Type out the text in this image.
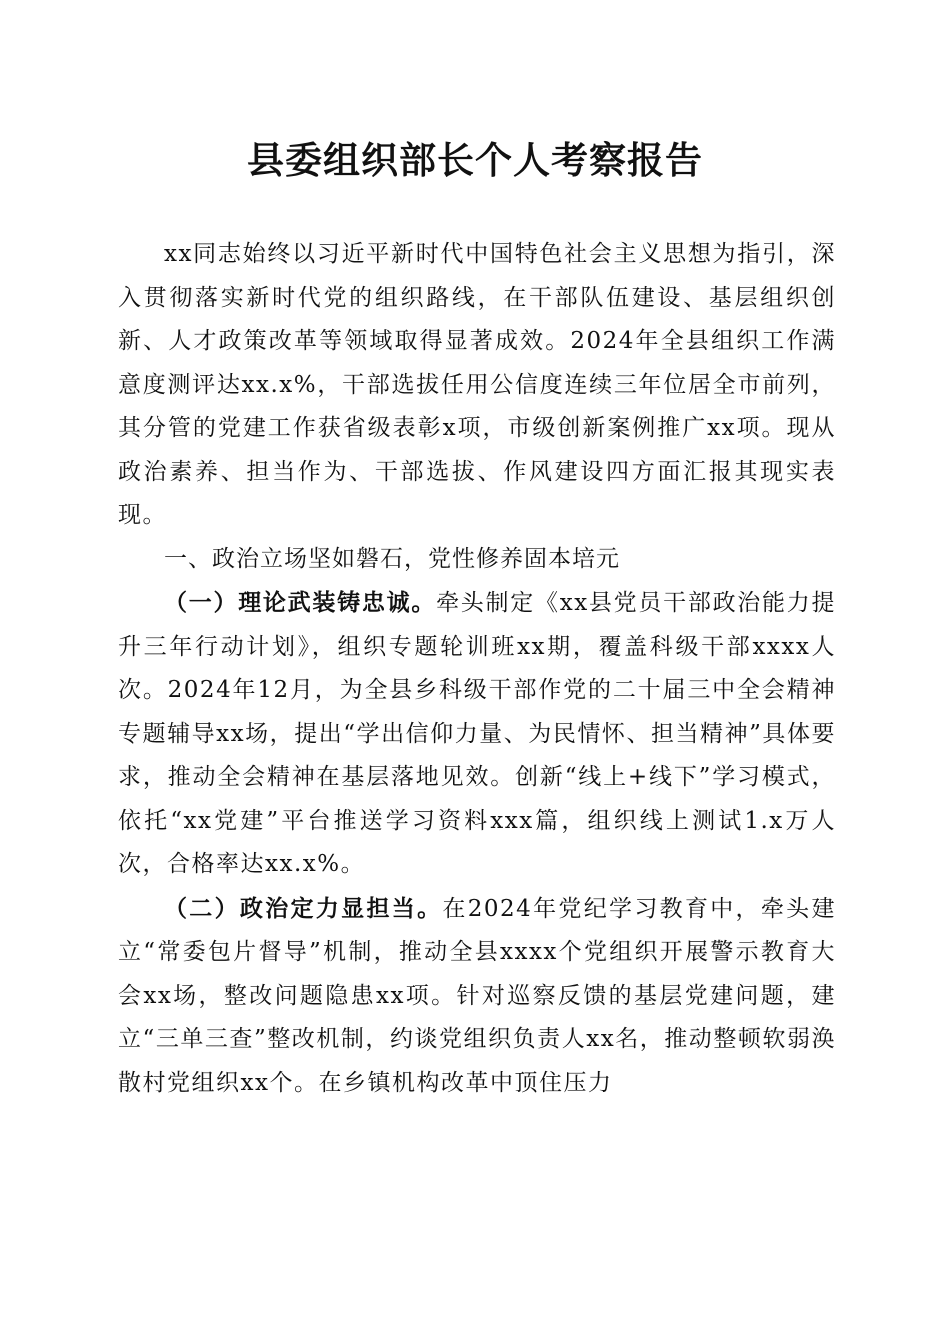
县委组织部长个人考察报告

xx同志始终以习近平新时代中国特色社会主义思想为指引，深入贯彻落实新时代党的组织路线，在干部队伍建设、基层组织创新、人才政策改革等领域取得显著成效。2024年全县组织工作满意度测评达xx.x%，干部选拔任用公信度连续三年位居全市前列，其分管的党建工作获省级表彰x项，市级创新案例推广xx项。现从政治素养、担当作为、干部选拔、作风建设四方面汇报其现实表现。

一、政治立场坚如磐石，党性修养固本培元

（一）理论武装铸忠诚。牵头制定《xx县党员干部政治能力提升三年行动计划》，组织专题轮训班xx期，覆盖科级干部xxxx人次。2024年12月，为全县乡科级干部作党的二十届三中全会精神专题辅导xx场，提出“学出信仰力量、为民情怀、担当精神”具体要求，推动全会精神在基层落地见效。创新“线上+线下”学习模式，依托“xx党建”平台推送学习资料xxx篇，组织线上测试1.x万人次，合格率达xx.x%。

（二）政治定力显担当。在2024年党纪学习教育中，牵头建立“常委包片督导”机制，推动全县xxxx个党组织开展警示教育大会xx场，整改问题隐患xx项。针对巡察反馈的基层党建问题，建立“三单三查”整改机制，约谈党组织负责人xx名，推动整顿软弱涣散村党组织xx个。在乡镇机构改革中顶住压力
